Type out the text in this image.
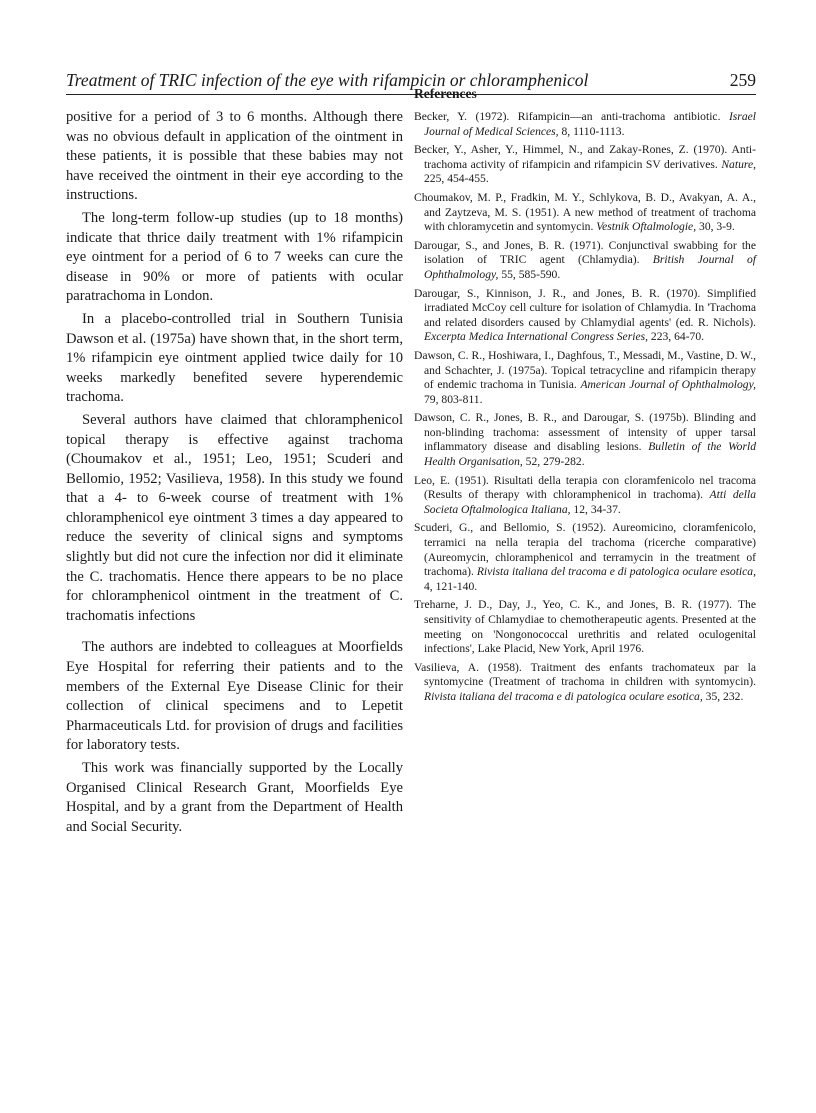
Treatment of TRIC infection of the eye with rifampicin or chloramphenicol	259

positive for a period of 3 to 6 months. Although there was no obvious default in application of the ointment in these patients, it is possible that these babies may not have received the ointment in their eye according to the instructions.

The long-term follow-up studies (up to 18 months) indicate that thrice daily treatment with 1% rifampicin eye ointment for a period of 6 to 7 weeks can cure the disease in 90% or more of patients with ocular paratrachoma in London.

In a placebo-controlled trial in Southern Tunisia Dawson et al. (1975a) have shown that, in the short term, 1% rifampicin eye ointment applied twice daily for 10 weeks markedly benefited severe hyperendemic trachoma.

Several authors have claimed that chloramphenicol topical therapy is effective against trachoma (Choumakov et al., 1951; Leo, 1951; Scuderi and Bellomio, 1952; Vasilieva, 1958). In this study we found that a 4- to 6-week course of treatment with 1% chloramphenicol eye ointment 3 times a day appeared to reduce the severity of clinical signs and symptoms slightly but did not cure the infection nor did it eliminate the C. trachomatis. Hence there appears to be no place for chloramphenicol ointment in the treatment of C. trachomatis infections

The authors are indebted to colleagues at Moorfields Eye Hospital for referring their patients and to the members of the External Eye Disease Clinic for their collection of clinical specimens and to Lepetit Pharmaceuticals Ltd. for provision of drugs and facilities for laboratory tests.

This work was financially supported by the Locally Organised Clinical Research Grant, Moorfields Eye Hospital, and by a grant from the Department of Health and Social Security.

References
Becker, Y. (1972). Rifampicin—an anti-trachoma antibiotic. Israel Journal of Medical Sciences, 8, 1110-1113.
Becker, Y., Asher, Y., Himmel, N., and Zakay-Rones, Z. (1970). Anti-trachoma activity of rifampicin and rifampicin SV derivatives. Nature, 225, 454-455.
Choumakov, M. P., Fradkin, M. Y., Schlykova, B. D., Avakyan, A. A., and Zaytzeva, M. S. (1951). A new method of treatment of trachoma with chloramycetin and syntomycin. Vestnik Oftalmologie, 30, 3-9.
Darougar, S., and Jones, B. R. (1971). Conjunctival swabbing for the isolation of TRIC agent (Chlamydia). British Journal of Ophthalmology, 55, 585-590.
Darougar, S., Kinnison, J. R., and Jones, B. R. (1970). Simplified irradiated McCoy cell culture for isolation of Chlamydia. In 'Trachoma and related disorders caused by Chlamydial agents' (ed. R. Nichols). Excerpta Medica International Congress Series, 223, 64-70.
Dawson, C. R., Hoshiwara, I., Daghfous, T., Messadi, M., Vastine, D. W., and Schachter, J. (1975a). Topical tetracycline and rifampicin therapy of endemic trachoma in Tunisia. American Journal of Ophthalmology, 79, 803-811.
Dawson, C. R., Jones, B. R., and Darougar, S. (1975b). Blinding and non-blinding trachoma: assessment of intensity of upper tarsal inflammatory disease and disabling lesions. Bulletin of the World Health Organisation, 52, 279-282.
Leo, E. (1951). Risultati della terapia con cloramfenicolo nel tracoma (Results of therapy with chloramphenicol in trachoma). Atti della Societa Oftalmologica Italiana, 12, 34-37.
Scuderi, G., and Bellomio, S. (1952). Aureomicino, cloramfenicolo, terramici na nella terapia del trachoma (ricerche comparative) (Aureomycin, chloramphenicol and terramycin in the treatment of trachoma). Rivista italiana del tracoma e di patologica oculare esotica, 4, 121-140.
Treharne, J. D., Day, J., Yeo, C. K., and Jones, B. R. (1977). The sensitivity of Chlamydiae to chemotherapeutic agents. Presented at the meeting on 'Nongonococcal urethritis and related oculogenital infections', Lake Placid, New York, April 1976.
Vasilieva, A. (1958). Traitment des enfants trachomateux par la syntomycine (Treatment of trachoma in children with syntomycin). Rivista italiana del tracoma e di patologica oculare esotica, 35, 232.
